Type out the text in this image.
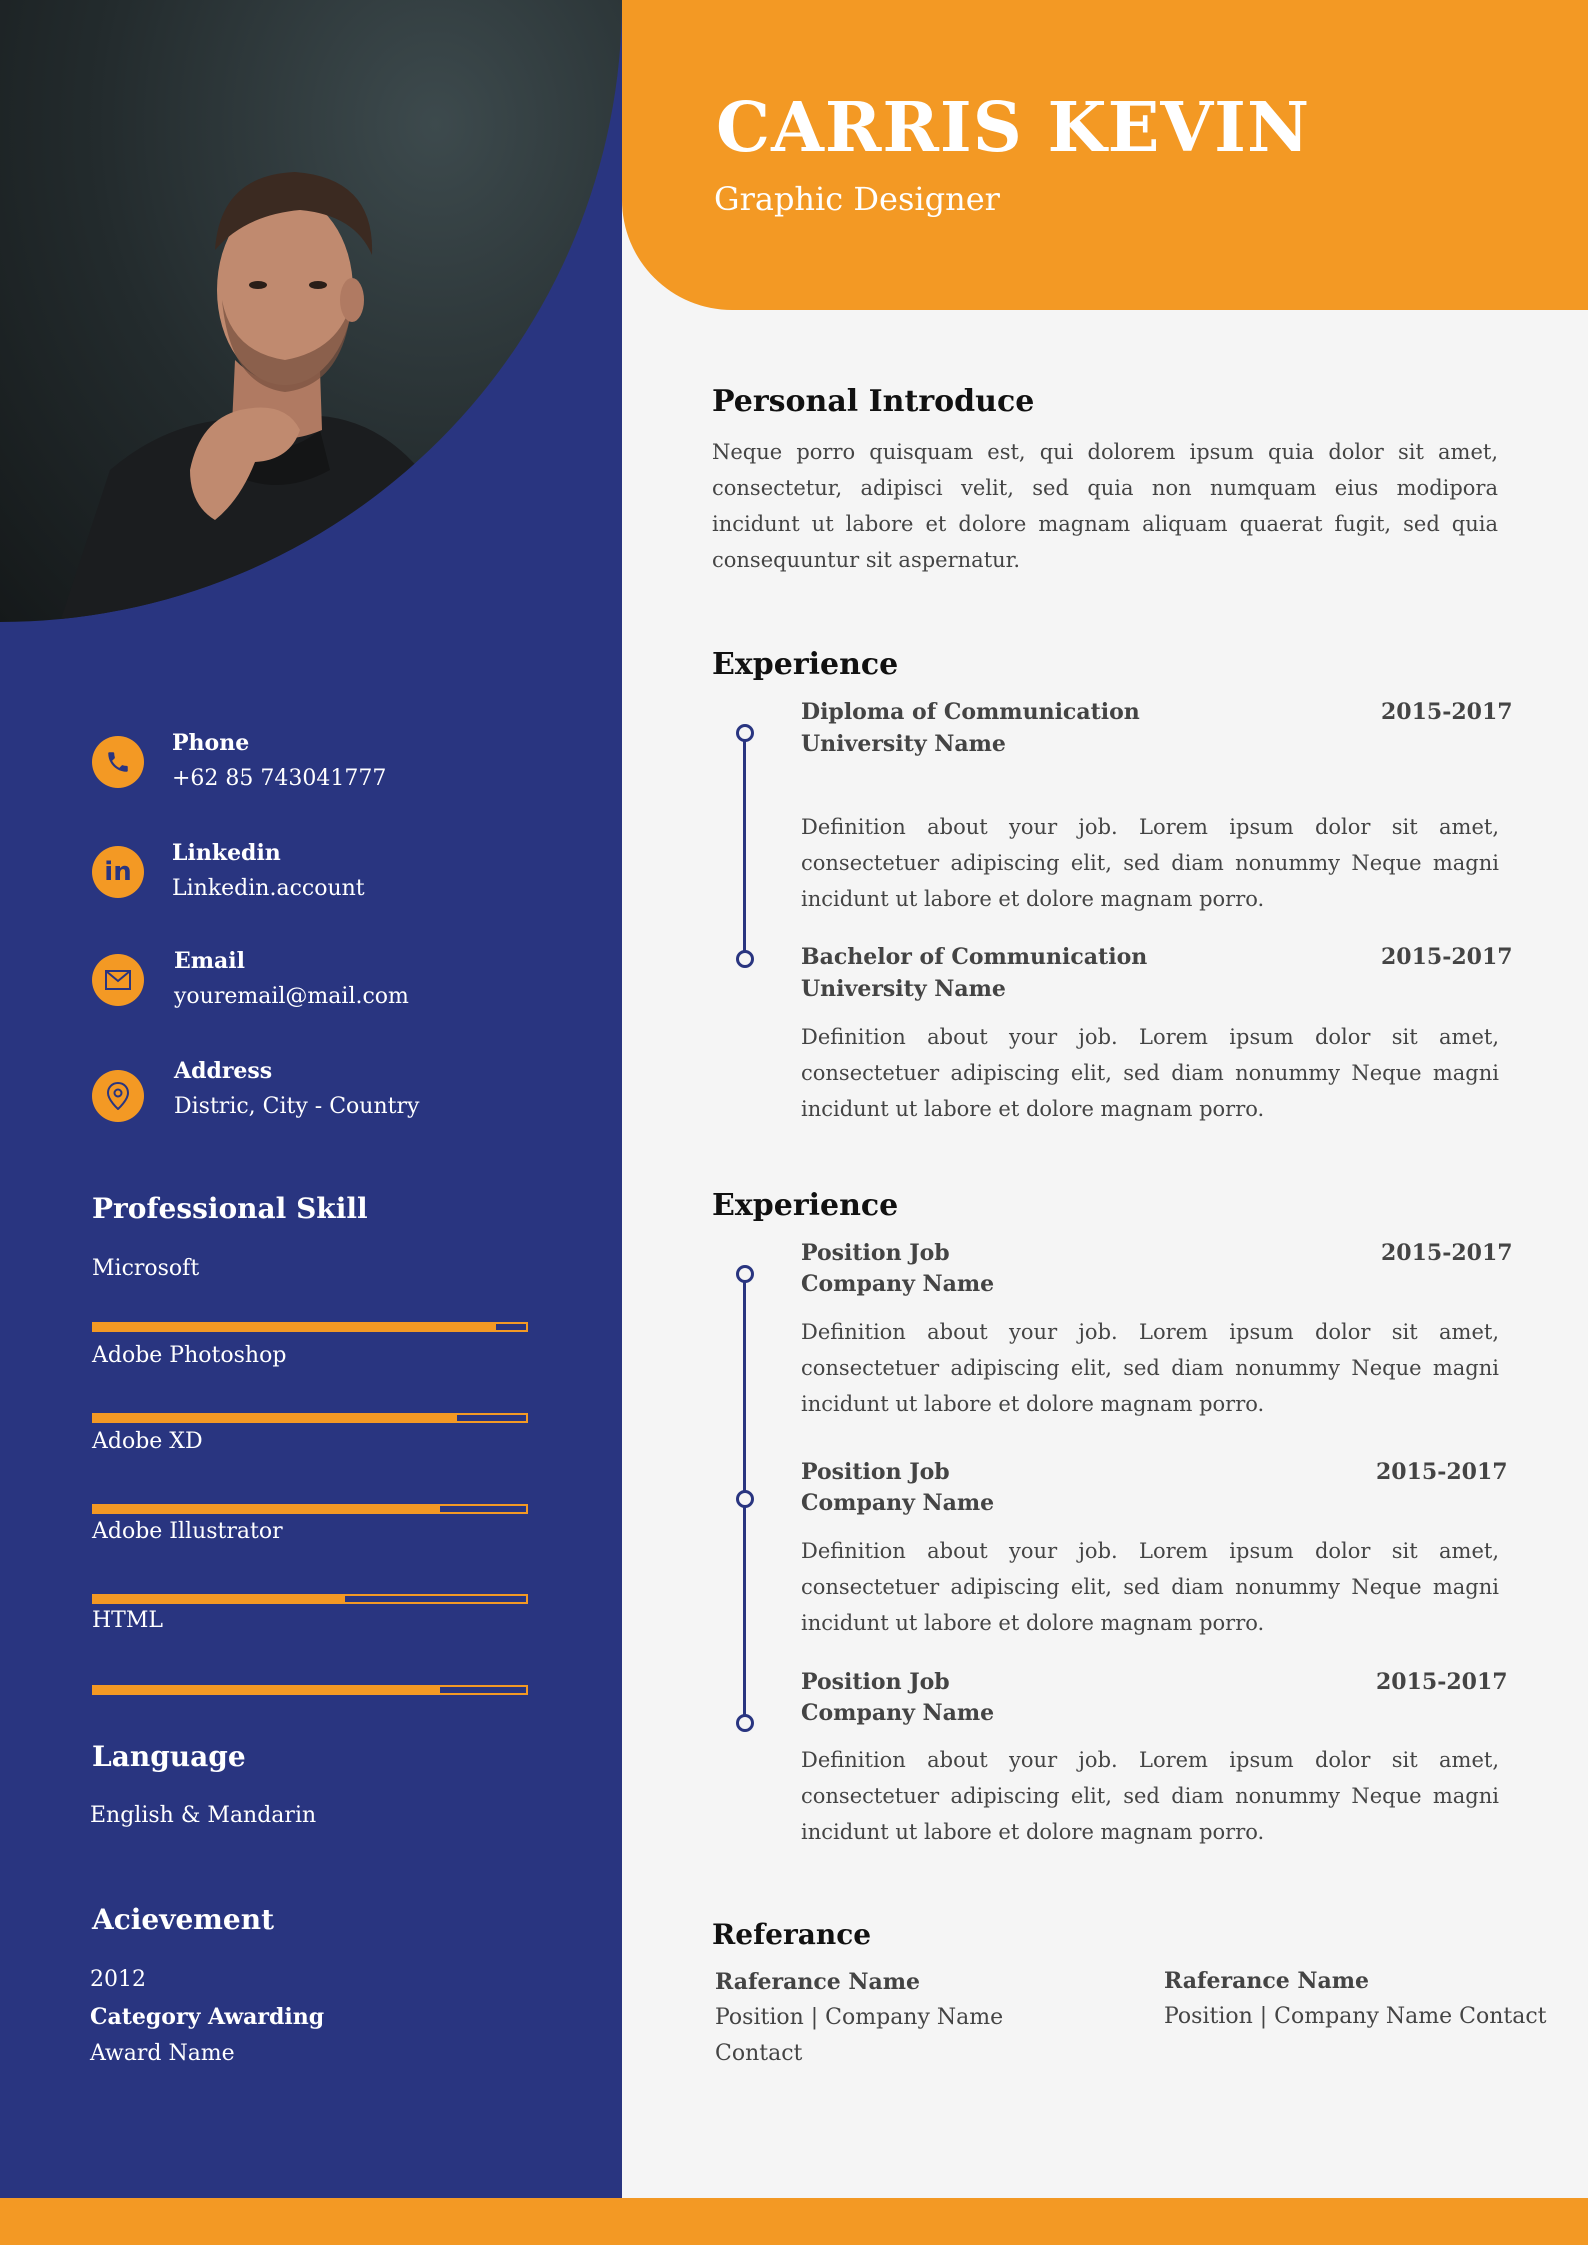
CARRIS KEVIN
Graphic Designer
Phone
+62 85 743041777
in
Linkedin
Linkedin.account
Email
youremail@mail.com
Address
Distric, City - Country
Professional Skill
Microsoft
Adobe Photoshop
Adobe XD
Adobe Illustrator
HTML
Language
English & Mandarin
Acievement
2012
Category Awarding
Award Name
Personal Introduce
Neque porro quisquam est, qui dolorem ipsum quia dolor sit amet, consectetur, adipisci velit, sed quia non numquam eius modipora incidunt ut labore et dolore magnam aliquam quaerat fugit, sed quia consequuntur sit aspernatur.
Experience
Diploma of Communication	2015-2017
University Name
Definition about your job. Lorem ipsum dolor sit amet, consectetuer adipiscing elit, sed diam nonummy Neque magni incidunt ut labore et dolore magnam porro.
Bachelor of Communication	2015-2017
University Name
Definition about your job. Lorem ipsum dolor sit amet, consectetuer adipiscing elit, sed diam nonummy Neque magni incidunt ut labore et dolore magnam porro.
Experience
Position Job	2015-2017
Company Name
Definition about your job. Lorem ipsum dolor sit amet, consectetuer adipiscing elit, sed diam nonummy Neque magni incidunt ut labore et dolore magnam porro.
Position Job	2015-2017
Company Name
Definition about your job. Lorem ipsum dolor sit amet, consectetuer adipiscing elit, sed diam nonummy Neque magni incidunt ut labore et dolore magnam porro.
Position Job	2015-2017
Company Name
Definition about your job. Lorem ipsum dolor sit amet, consectetuer adipiscing elit, sed diam nonummy Neque magni incidunt ut labore et dolore magnam porro.
Referance
Raferance Name
Position | Company Name Contact
Raferance Name
Position | Company Name Contact
